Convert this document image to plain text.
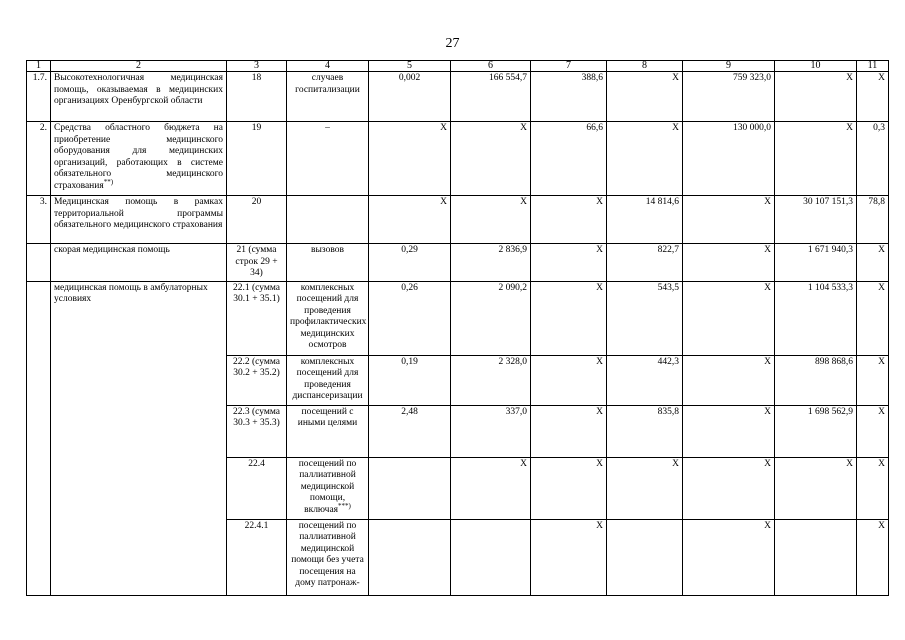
27
1	2	3	4	5	6	7	8	9	10	11
1.7.	Высокотехнологичная медицинская помощь, оказываемая в медицинских организациях Оренбургской области	18	случаев госпитализации	0,002	166 554,7	388,6	Х	759 323,0	Х	Х
2.	Средства областного бюджета на приобретение медицинского оборудования для медицинских организаций, работающих в системе обязательного медицинского страхования**)	19	–	Х	Х	66,6	Х	130 000,0	Х	0,3
3.	Медицинская помощь в рамках территориальной программы обязательного медицинского страхования	20		Х	Х	Х	14 814,6	Х	30 107 151,3	78,8
	скорая медицинская помощь	21 (сумма строк 29 + 34)	вызовов	0,29	2 836,9	Х	822,7	Х	1 671 940,3	Х
	медицинская помощь в амбулаторных условиях	22.1 (сумма 30.1 + 35.1)	комплексных посещений для проведения профилактических медицинских осмотров	0,26	2 090,2	Х	543,5	Х	1 104 533,3	Х
		22.2 (сумма 30.2 + 35.2)	комплексных посещений для проведения диспансеризации	0,19	2 328,0	Х	442,3	Х	898 868,6	Х
		22.3 (сумма 30.3 + 35.3)	посещений с иными целями	2,48	337,0	Х	835,8	Х	1 698 562,9	Х
		22.4	посещений по паллиативной медицинской помощи, включая***)		Х	Х	Х	Х	Х	Х
		22.4.1	посещений по паллиативной медицинской помощи без учета посещения на дому патронаж-			Х		Х		Х
